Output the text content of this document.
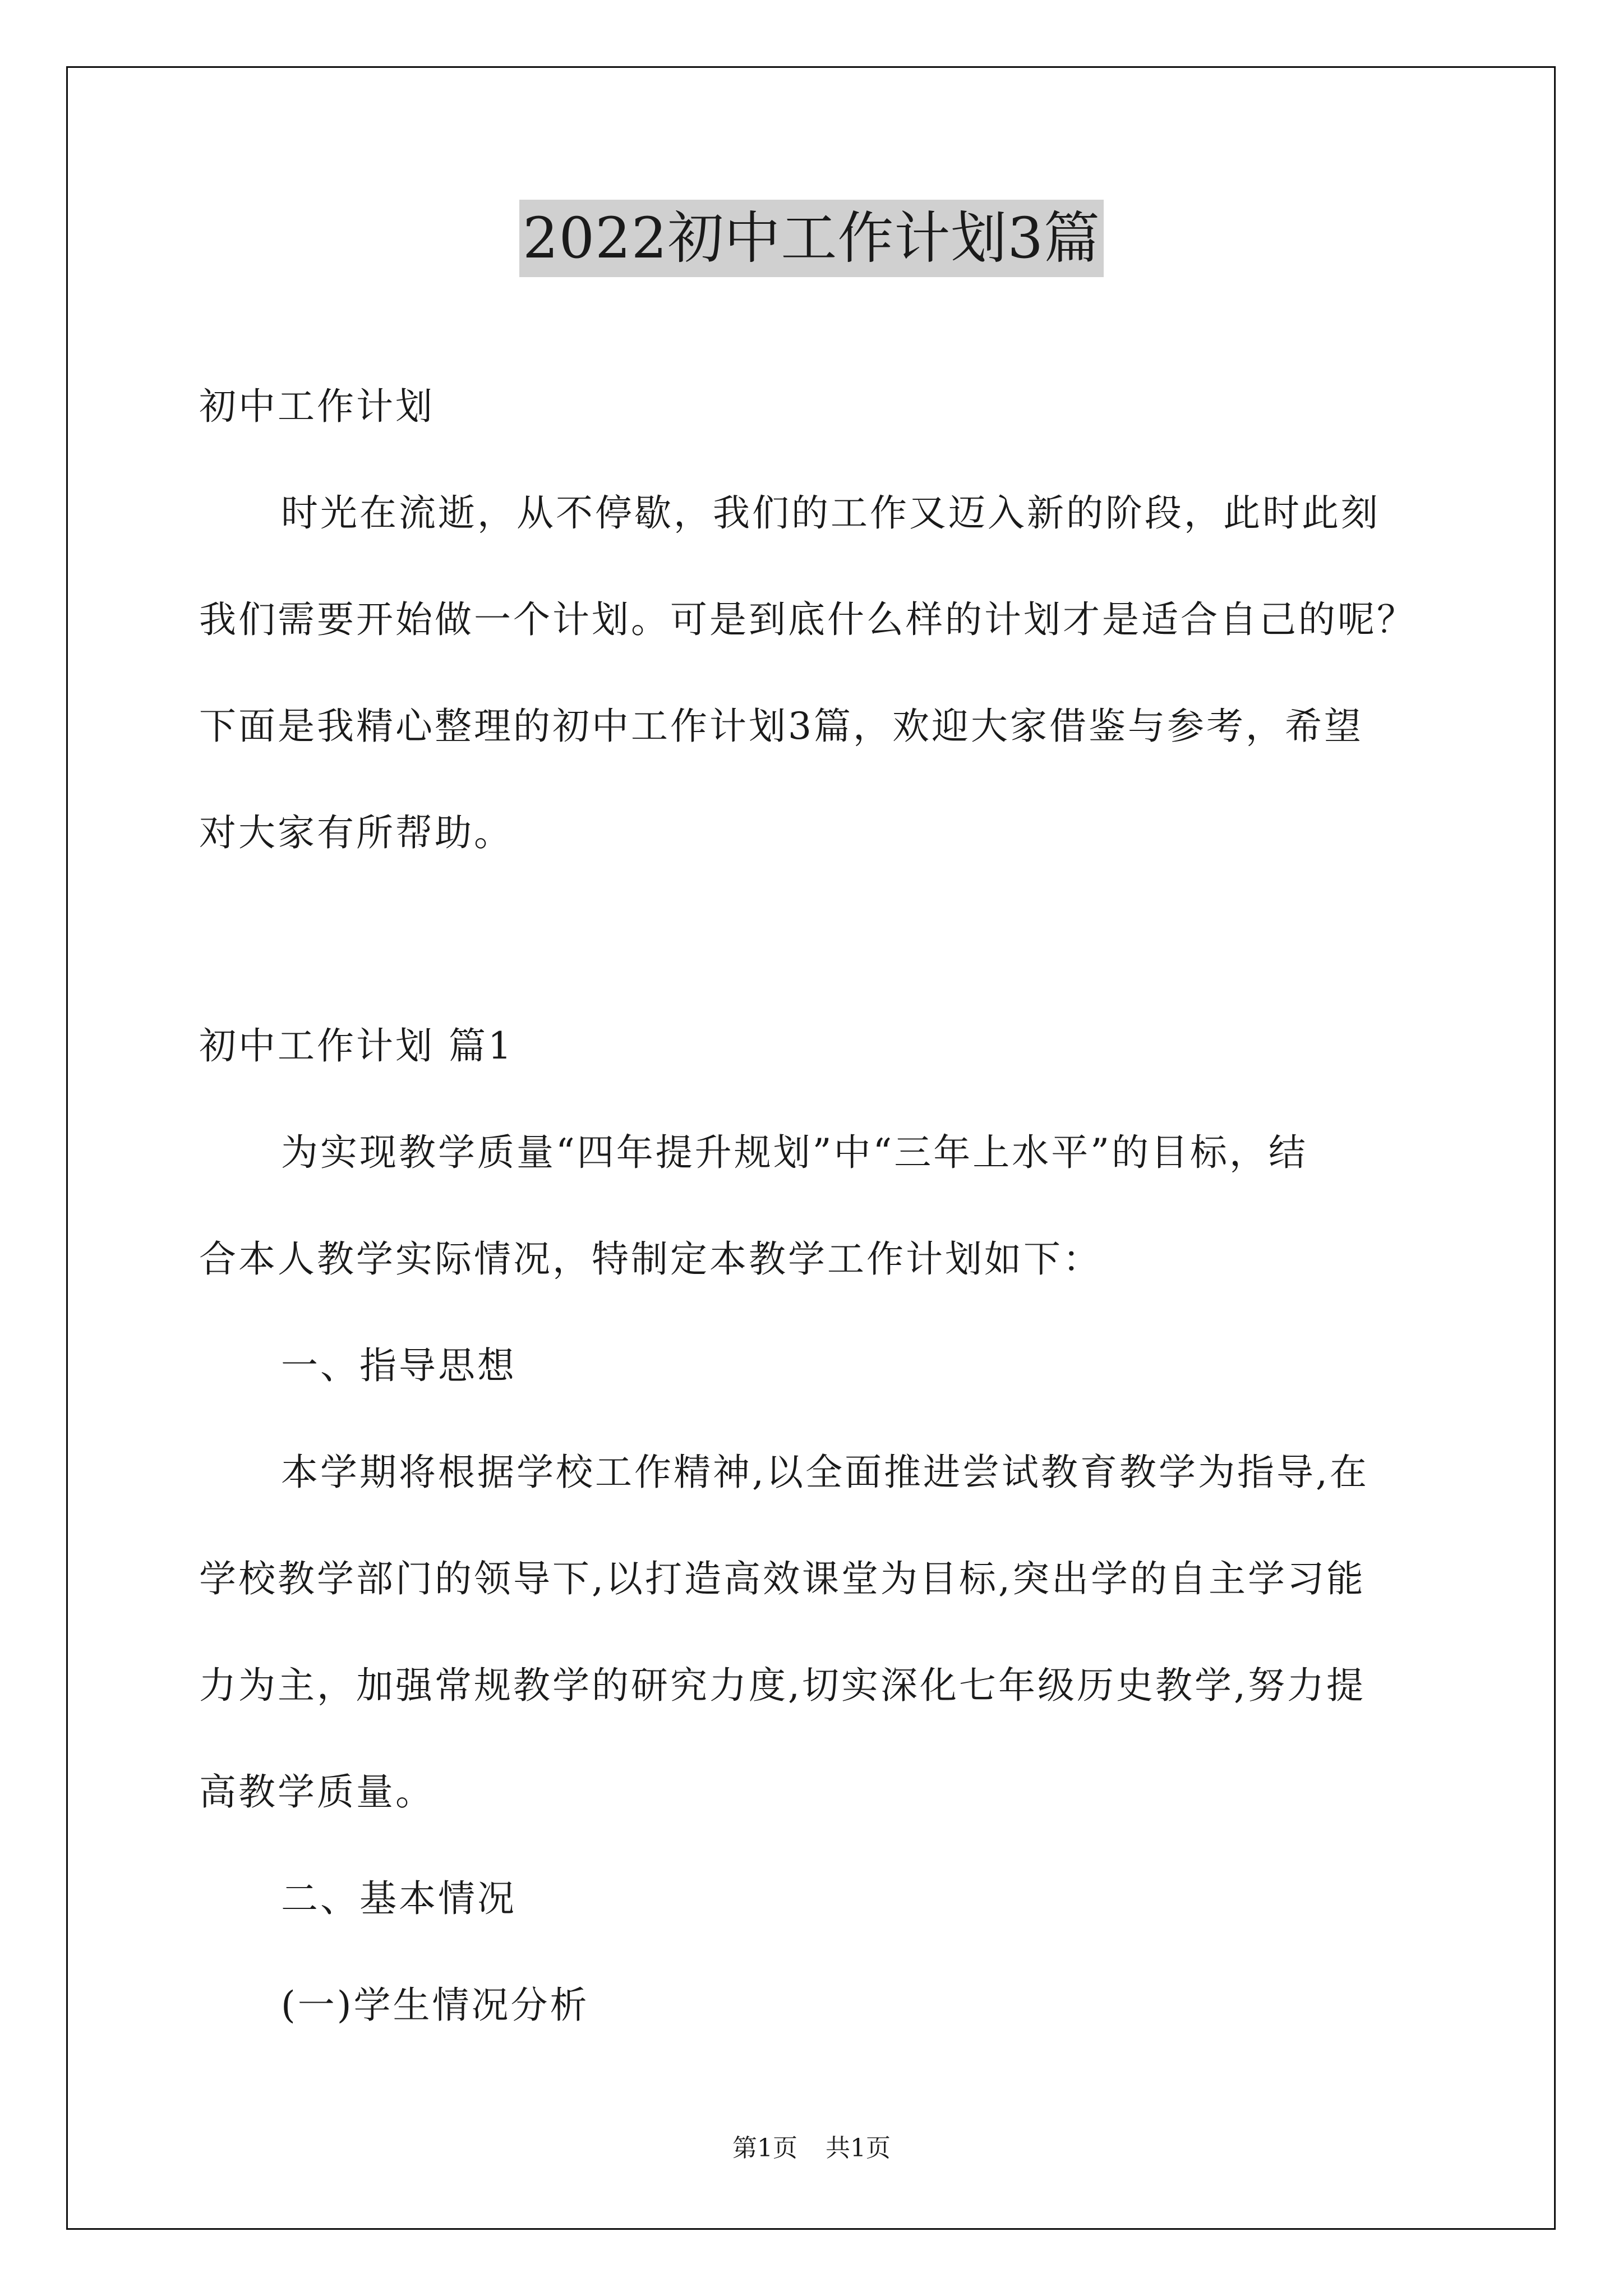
2022初中工作计划3篇

初中工作计划

时光在流逝，从不停歇，我们的工作又迈入新的阶段，此时此刻

我们需要开始做一个计划。可是到底什么样的计划才是适合自己的呢？

下面是我精心整理的初中工作计划3篇，欢迎大家借鉴与参考，希望

对大家有所帮助。

初中工作计划 篇1

为实现教学质量“四年提升规划”中“三年上水平”的目标，结

合本人教学实际情况，特制定本教学工作计划如下：

一、指导思想

本学期将根据学校工作精神,以全面推进尝试教育教学为指导,在

学校教学部门的领导下,以打造高效课堂为目标,突出学的自主学习能

力为主，加强常规教学的研究力度,切实深化七年级历史教学,努力提

高教学质量。

二、基本情况

(一)学生情况分析

第1页 共1页
